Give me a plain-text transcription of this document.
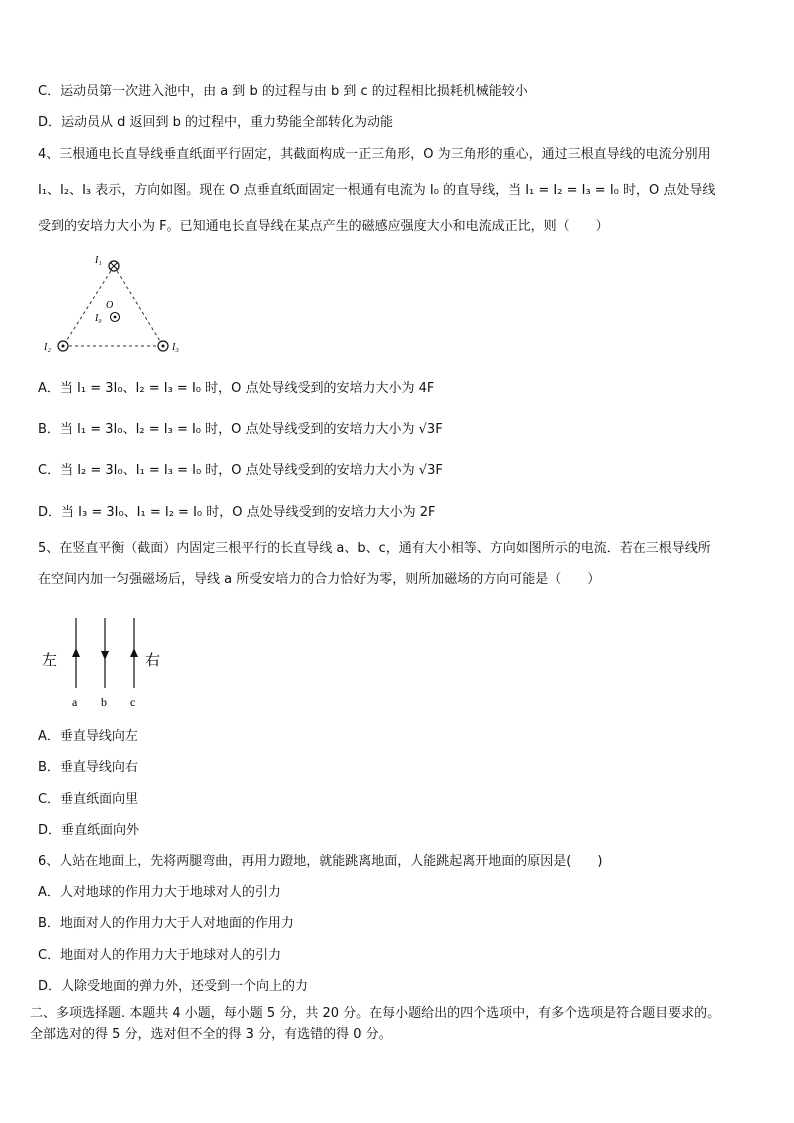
C．运动员第一次进入池中，由 a 到 b 的过程与由 b 到 c 的过程相比损耗机械能较小
D．运动员从 d 返回到 b 的过程中，重力势能全部转化为动能
4、三根通电长直导线垂直纸面平行固定，其截面构成一正三角形，O 为三角形的重心，通过三根直导线的电流分别用
I₁、I₂、I₃ 表示，方向如图。现在 O 点垂直纸面固定一根通有电流为 I₀ 的直导线，当 I₁ = I₂ = I₃ = I₀ 时，O 点处导线
受到的安培力大小为 F。已知通电长直导线在某点产生的磁感应强度大小和电流成正比，则（　　）
I₁
O
I₀
I₂	I₃
A．当 I₁ = 3I₀、I₂ = I₃ = I₀ 时，O 点处导线受到的安培力大小为 4F
B．当 I₁ = 3I₀、I₂ = I₃ = I₀ 时，O 点处导线受到的安培力大小为 √3F
C．当 I₂ = 3I₀、I₁ = I₃ = I₀ 时，O 点处导线受到的安培力大小为 √3F
D．当 I₃ = 3I₀、I₁ = I₂ = I₀ 时，O 点处导线受到的安培力大小为 2F
5、在竖直平衡（截面）内固定三根平行的长直导线 a、b、c，通有大小相等、方向如图所示的电流．若在三根导线所
在空间内加一匀强磁场后，导线 a 所受安培力的合力恰好为零，则所加磁场的方向可能是（　　）
左	右
a b c
A．垂直导线向左
B．垂直导线向右
C．垂直纸面向里
D．垂直纸面向外
6、人站在地面上，先将两腿弯曲，再用力蹬地，就能跳离地面，人能跳起离开地面的原因是(　　)
A．人对地球的作用力大于地球对人的引力
B．地面对人的作用力大于人对地面的作用力
C．地面对人的作用力大于地球对人的引力
D．人除受地面的弹力外，还受到一个向上的力
二、多项选择题. 本题共 4 小题，每小题 5 分，共 20 分。在每小题给出的四个选项中，有多个选项是符合题目要求的。
全部选对的得 5 分，选对但不全的得 3 分，有选错的得 0 分。
